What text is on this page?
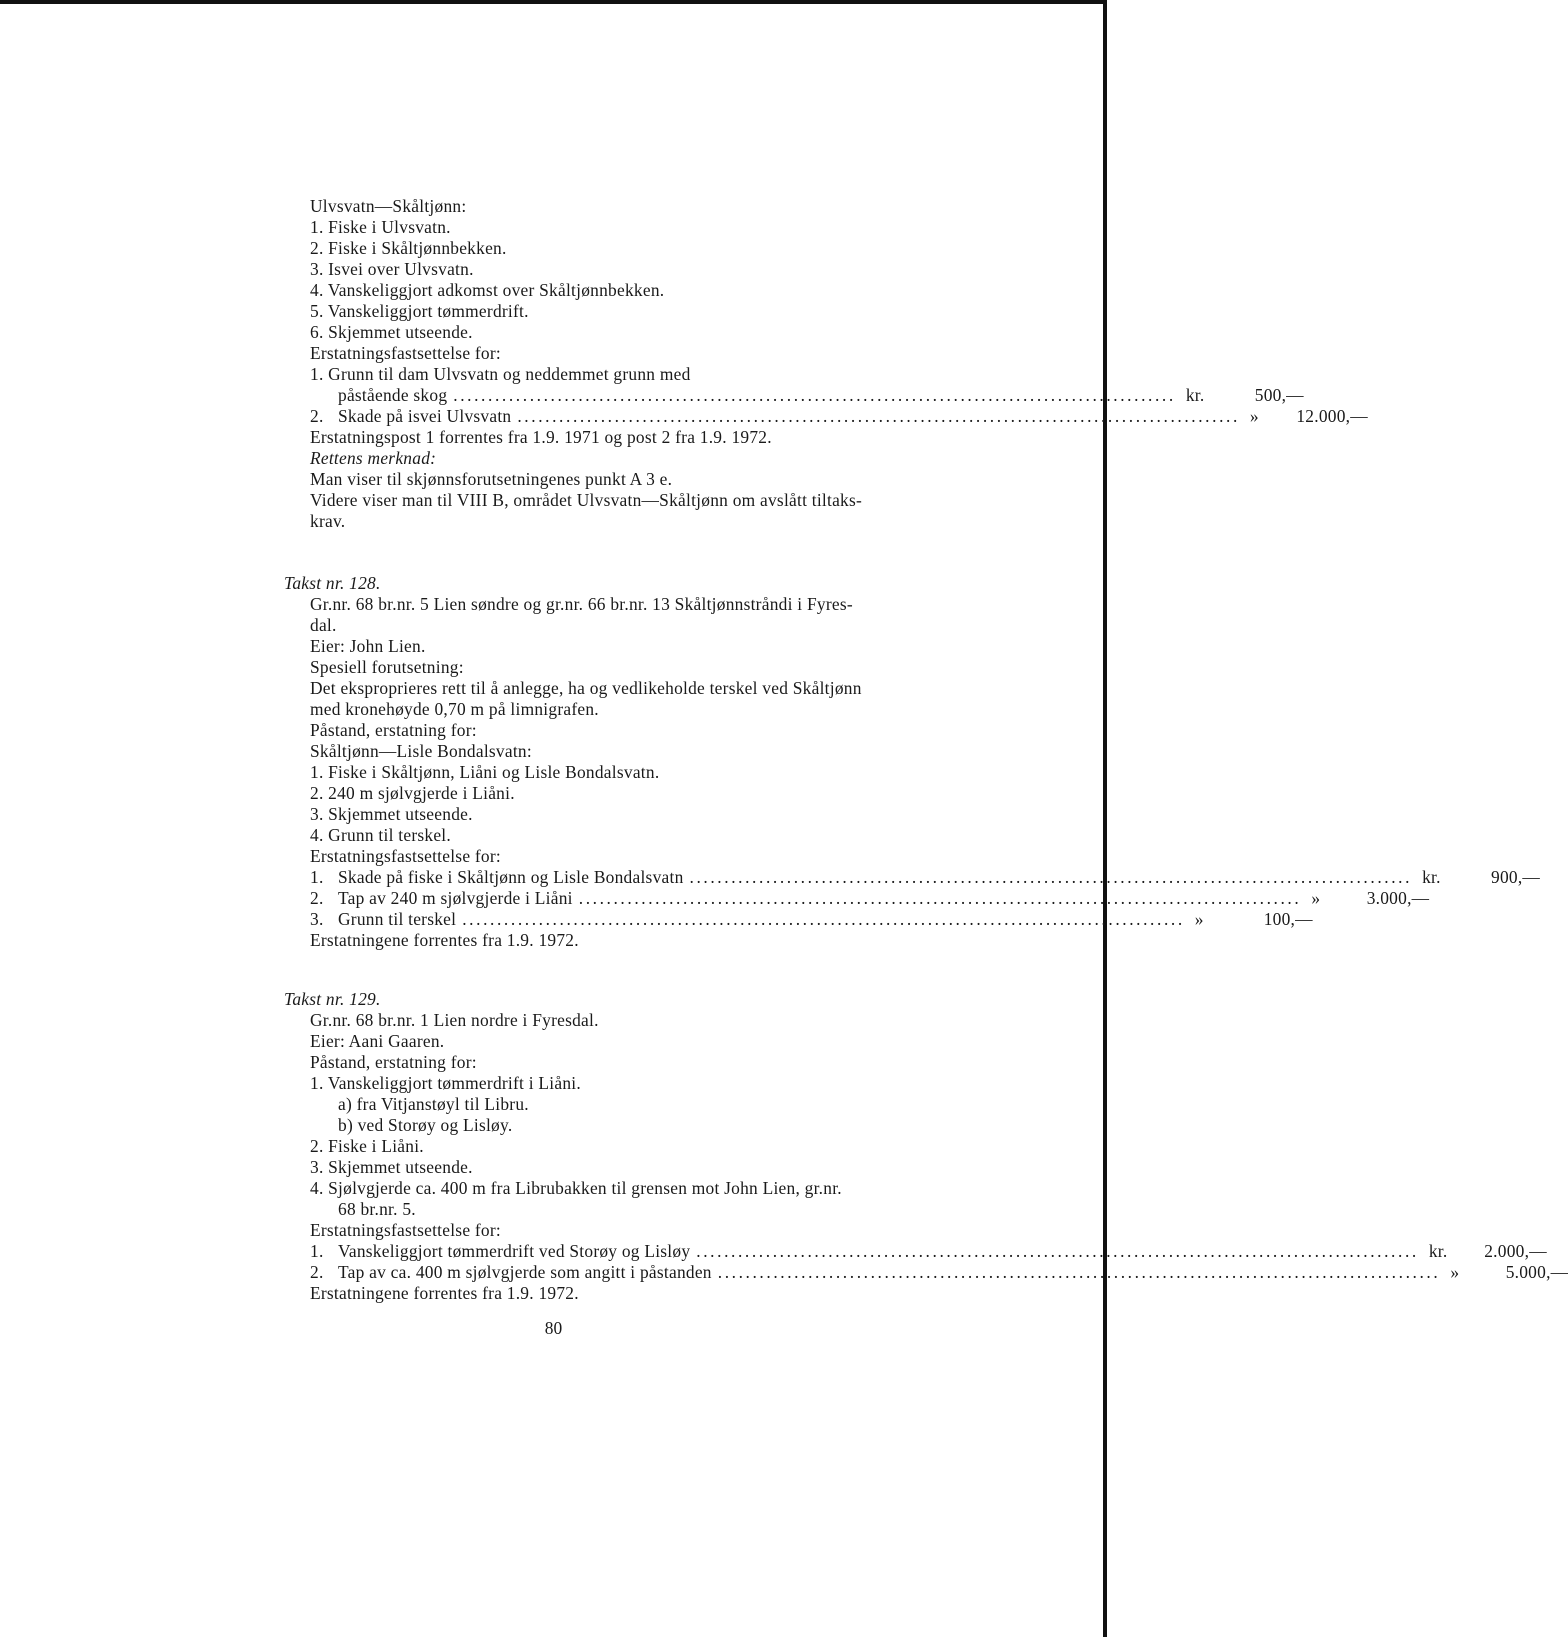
Ulvsvatn—Skåltjønn:
1. Fiske i Ulvsvatn.
2. Fiske i Skåltjønnbekken.
3. Isvei over Ulvsvatn.
4. Vanskeliggjort adkomst over Skåltjønnbekken.
5. Vanskeliggjort tømmerdrift.
6. Skjemmet utseende.
Erstatningsfastsettelse for:
1. Grunn til dam Ulvsvatn og neddemmet grunn med
påstående skog ........................................................................................................ kr.	500,—
2. Skade på isvei Ulvsvatn ........................................................................................................ »	12.000,—
Erstatningspost 1 forrentes fra 1.9. 1971 og post 2 fra 1.9. 1972.
Rettens merknad:
Man viser til skjønnsforutsetningenes punkt A 3 e.
Videre viser man til VIII B, området Ulvsvatn—Skåltjønn om avslått tiltaks-
krav.
Takst nr. 128.
Gr.nr. 68 br.nr. 5 Lien søndre og gr.nr. 66 br.nr. 13 Skåltjønnstråndi i Fyres-
dal.
Eier: John Lien.
Spesiell forutsetning:
Det eksproprieres rett til å anlegge, ha og vedlikeholde terskel ved Skåltjønn
med kronehøyde 0,70 m på limnigrafen.
Påstand, erstatning for:
Skåltjønn—Lisle Bondalsvatn:
1. Fiske i Skåltjønn, Liåni og Lisle Bondalsvatn.
2. 240 m sjølvgjerde i Liåni.
3. Skjemmet utseende.
4. Grunn til terskel.
Erstatningsfastsettelse for:
1. Skade på fiske i Skåltjønn og Lisle Bondalsvatn ........................................................................................................ kr.	900,—
2. Tap av 240 m sjølvgjerde i Liåni ........................................................................................................ »	3.000,—
3. Grunn til terskel ........................................................................................................ »	100,—
Erstatningene forrentes fra 1.9. 1972.
Takst nr. 129.
Gr.nr. 68 br.nr. 1 Lien nordre i Fyresdal.
Eier: Aani Gaaren.
Påstand, erstatning for:
1. Vanskeliggjort tømmerdrift i Liåni.
a) fra Vitjanstøyl til Libru.
b) ved Storøy og Lisløy.
2. Fiske i Liåni.
3. Skjemmet utseende.
4. Sjølvgjerde ca. 400 m fra Librubakken til grensen mot John Lien, gr.nr.
68 br.nr. 5.
Erstatningsfastsettelse for:
1. Vanskeliggjort tømmerdrift ved Storøy og Lisløy ........................................................................................................ kr.	2.000,—
2. Tap av ca. 400 m sjølvgjerde som angitt i påstanden ........................................................................................................ »	5.000,—
Erstatningene forrentes fra 1.9. 1972.
80
